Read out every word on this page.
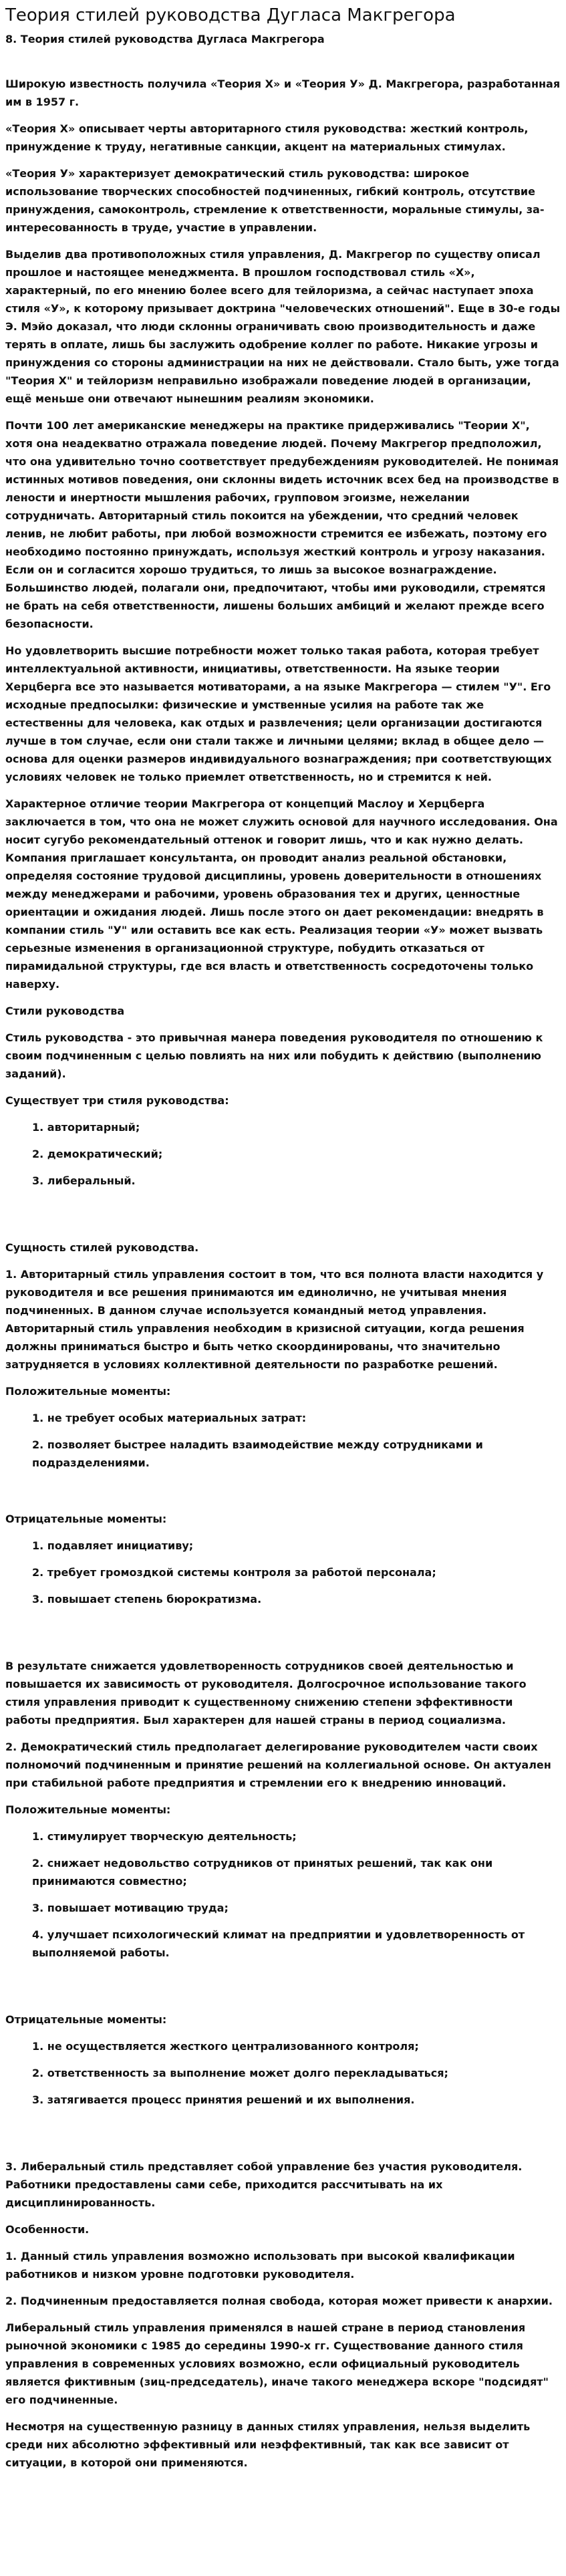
Теория стилей руководства Дугласа Макгрегора
8. Теория стилей руководства Дугласа Макгрегора
Широкую известность получила «Теория Х» и «Теория У» Д. Макгрегора, разработанная им в 1957 г.
«Теория Х» описывает черты авторитарного стиля руководства: жесткий контроль, принуждение к труду, негативные санкции, акцент на материальных стимулах.
«Теория У» характеризует демократический стиль руководства: широкое использование творческих способностей подчиненных, гибкий контроль, отсутствие принуждения, самоконтроль, стремление к ответственности, моральные стимулы, за- интересованность в труде, участие в управлении.
Выделив два противоположных стиля управления, Д. Макгрегор по существу описал прошлое и настоящее менеджмента. В прошлом господствовал стиль «Х», характерный, по его мнению более всего для тейлоризма, а сейчас наступает эпоха стиля «У», к которому призывает доктрина "человеческих отношений". Еще в 30-е годы Э. Мэйо доказал, что люди склонны ограничивать свою производительность и даже терять в оплате, лишь бы заслужить одобрение коллег по работе. Никакие угрозы и принуждения со стороны администрации на них не действовали. Стало быть, уже тогда "Теория Х" и тейлоризм неправильно изображали поведение людей в организации, ещё меньше они отвечают нынешним реалиям экономики.
Почти 100 лет американские менеджеры на практике придерживались "Теории Х", хотя она неадекватно отражала поведение людей. Почему Макгрегор предположил, что она удивительно точно соответствует предубеждениям руководителей. Не понимая истинных мотивов поведения, они склонны видеть источник всех бед на производстве в лености и инертности мышления рабочих, групповом эгоизме, нежелании сотрудничать. Авторитарный стиль покоится на убеждении, что средний человек ленив, не любит работы, при любой возможности стремится ее избежать, поэтому его необходимо постоянно принуждать, используя жесткий контроль и угрозу наказания. Если он и согласится хорошо трудиться, то лишь за высокое вознаграждение. Большинство людей, полагали они, предпочитают, чтобы ими руководили, стремятся не брать на себя ответственности, лишены больших амбиций и желают прежде всего безопасности.
Но удовлетворить высшие потребности может только такая работа, которая требует интеллектуальной активности, инициативы, ответственности. На языке теории Херцберга все это называется мотиваторами, а на языке Макгрегора — стилем "У". Его исходные предпосылки: физические и умственные усилия на работе так же естественны для человека, как отдых и развлечения; цели организации достигаются лучше в том случае, если они стали также и личными целями; вклад в общее дело — основа для оценки размеров индивидуального вознаграждения; при соответствующих условиях человек не только приемлет ответственность, но и стремится к ней.
Характерное отличие теории Макгрегора от концепций Маслоу и Херцберга заключается в том, что она не может служить основой для научного исследования. Она носит сугубо рекомендательный оттенок и говорит лишь, что и как нужно делать. Компания приглашает консультанта, он проводит анализ реальной обстановки, определяя состояние трудовой дисциплины, уровень доверительности в отношениях между менеджерами и рабочими, уровень образования тех и других, ценностные ориентации и ожидания людей. Лишь после этого он дает рекомендации: внедрять в компании стиль "У" или оставить все как есть. Реализация теории «У» может вызвать серьезные изменения в организационной структуре, побудить отказаться от пирамидальной структуры, где вся власть и ответственность сосредоточены только наверху.
Стили руководства
Стиль руководства - это привычная манера поведения руководителя по отношению к своим подчиненным с целью повлиять на них или побудить к действию (выполнению заданий).
Существует три стиля руководства:
1. авторитарный;
2. демократический;
3. либеральный.
Сущность стилей руководства.
1. Авторитарный стиль управления состоит в том, что вся полнота власти находится у руководителя и все решения принимаются им единолично, не учитывая мнения подчиненных. В данном случае используется командный метод управления. Авторитарный стиль управления необходим в кризисной ситуации, когда решения должны приниматься быстро и быть четко скоординированы, что значительно затрудняется в условиях коллективной деятельности по разработке решений.
Положительные моменты:
1. не требует особых материальных затрат:
2. позволяет быстрее наладить взаимодействие между сотрудниками и подразделениями.
Отрицательные моменты:
1. подавляет инициативу;
2. требует громоздкой системы контроля за работой персонала;
3. повышает степень бюрократизма.
В результате снижается удовлетворенность сотрудников своей деятельностью и повышается их зависимость от руководителя. Долгосрочное использование такого стиля управления приводит к существенному снижению степени эффективности работы предприятия. Был характерен для нашей страны в период социализма.
2. Демократический стиль предполагает делегирование руководителем части своих полномочий подчиненным и принятие решений на коллегиальной основе. Он актуален при стабильной работе предприятия и стремлении его к внедрению инноваций.
Положительные моменты:
1. стимулирует творческую деятельность;
2. снижает недовольство сотрудников от принятых решений, так как они принимаются совместно;
3. повышает мотивацию труда;
4. улучшает психологический климат на предприятии и удовлетворенность от выполняемой работы.
Отрицательные моменты:
1. не осуществляется жесткого централизованного контроля;
2. ответственность за выполнение может долго перекладываться;
3. затягивается процесс принятия решений и их выполнения.
3. Либеральный стиль представляет собой управление без участия руководителя. Работники предоставлены сами себе, приходится рассчитывать на их дисциплинированность.
Особенности.
1. Данный стиль управления возможно использовать при высокой квалификации работников и низком уровне подготовки руководителя.
2. Подчиненным предоставляется полная свобода, которая может привести к анархии.
Либеральный стиль управления применялся в нашей стране в период становления рыночной экономики с 1985 до середины 1990-х гг. Существование данного стиля управления в современных условиях возможно, если официальный руководитель является фиктивным (зиц-председатель), иначе такого менеджера вскоре "подсидят" его подчиненные.
Несмотря на существенную разницу в данных стилях управления, нельзя выделить среди них абсолютно эффективный или неэффективный, так как все зависит от ситуации, в которой они применяются.
